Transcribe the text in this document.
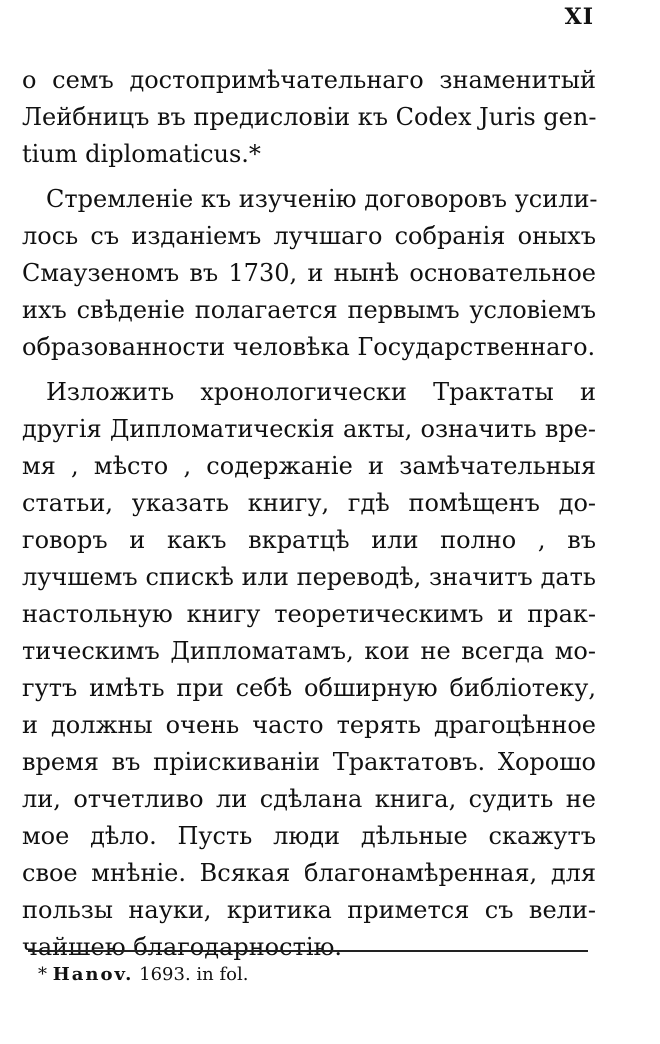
XI
о семъ достопримѣчательнаго знаменитый
Лейбницъ въ предисловіи къ Codex Juris gen-
tium diplomaticus.*
Стремленіе къ изученію договоровъ усили-
лось съ изданіемъ лучшаго собранія оныхъ
Смаузеномъ въ 1730, и нынѣ основательное
ихъ свѣденіе полагается первымъ условіемъ
образованности человѣка Государственнаго.
Изложить хронологически Трактаты и
другія Дипломатическія акты, означить вре-
мя , мѣсто , содержаніе и замѣчательныя
статьи, указать книгу, гдѣ помѣщенъ до-
говоръ и какъ вкратцѣ или полно , въ
лучшемъ спискѣ или переводѣ, значитъ дать
настольную книгу теоретическимъ и прак-
тическимъ Дипломатамъ, кои не всегда мо-
гутъ имѣть при себѣ обширную библіотеку,
и должны очень часто терять драгоцѣнное
время въ прiискиваніи Трактатовъ. Хорошо
ли, отчетливо ли сдѣлана книга, судить не
мое дѣло. Пусть люди дѣльные скажутъ
свое мнѣніе. Всякая благонамѣренная, для
пользы науки, критика примется съ вели-
чайшею благодарностію.
* Hanov. 1693. in fol.
